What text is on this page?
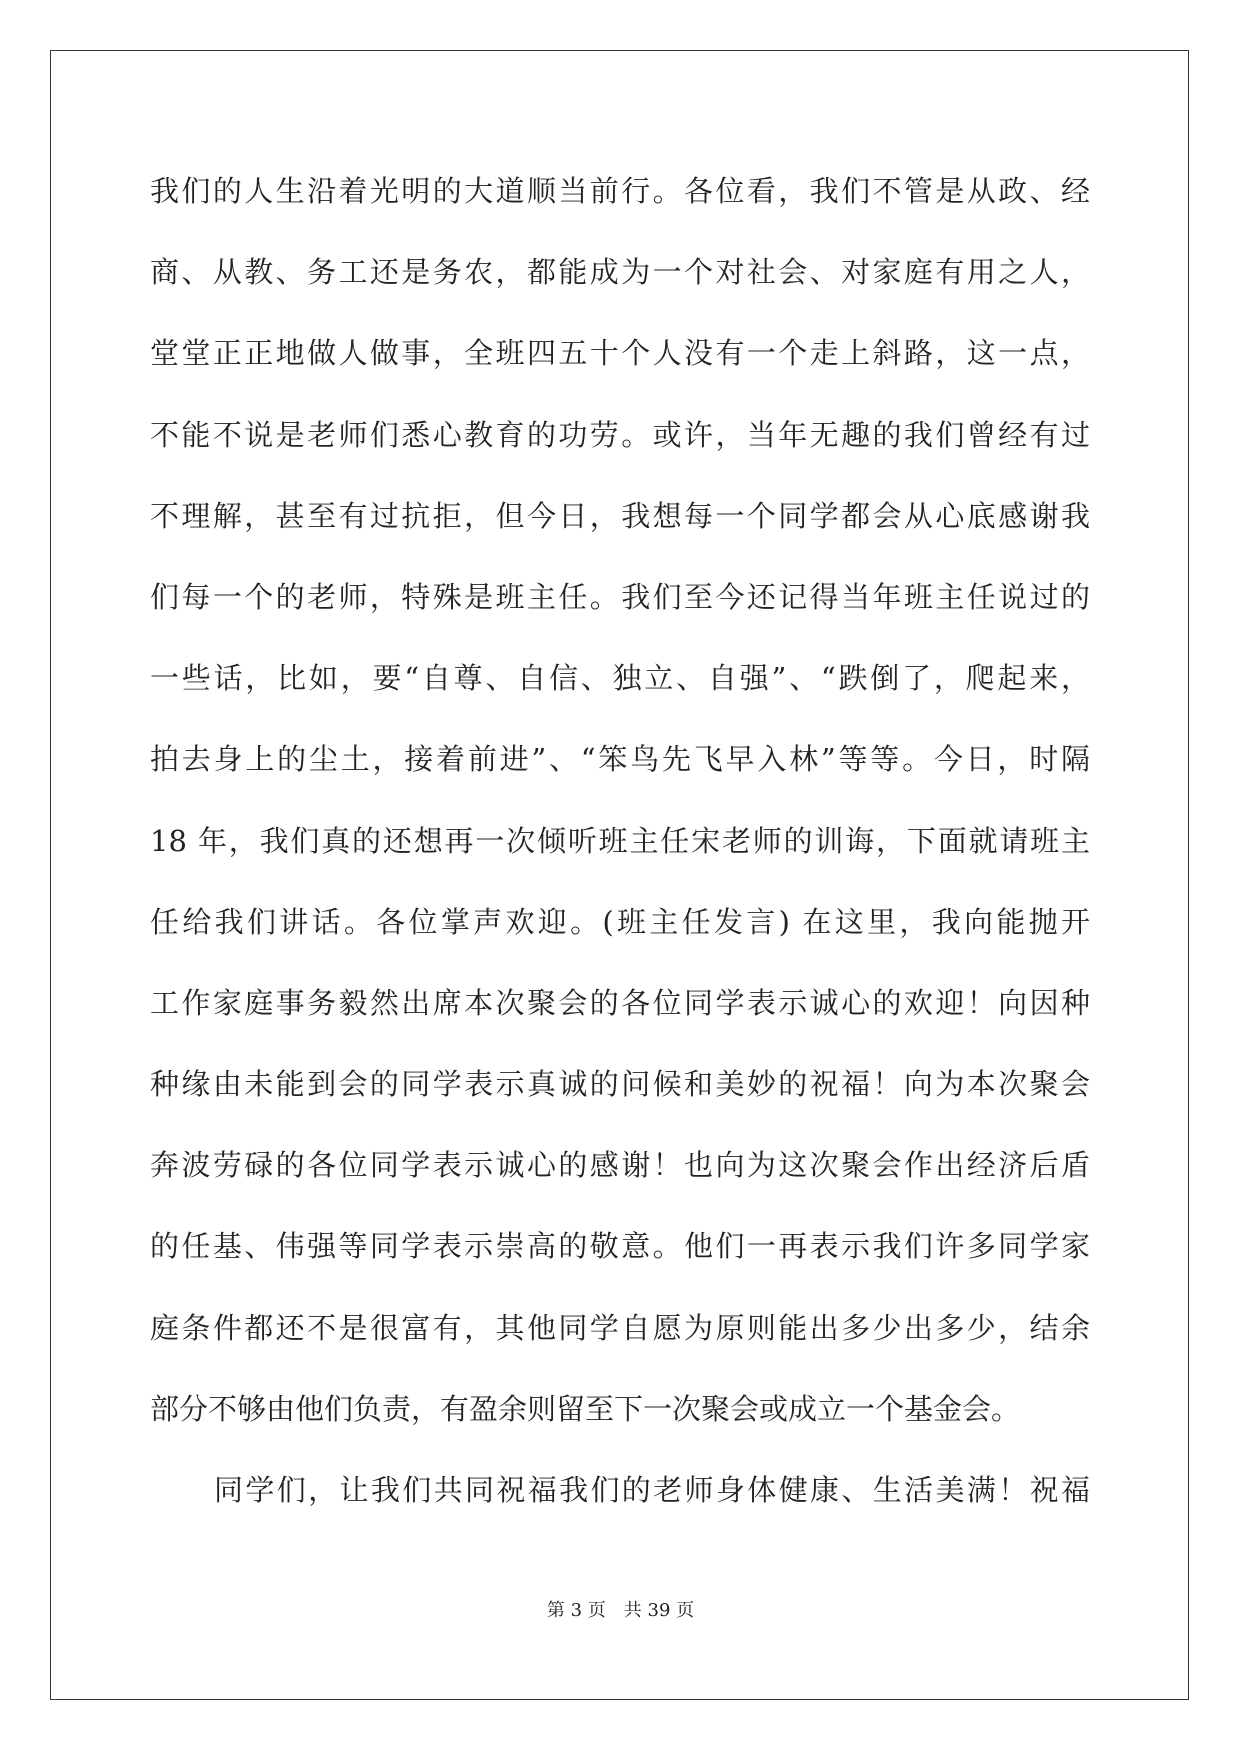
我们的人生沿着光明的大道顺当前行。各位看，我们不管是从政、经
商、从教、务工还是务农，都能成为一个对社会、对家庭有用之人，
堂堂正正地做人做事，全班四五十个人没有一个走上斜路，这一点，
不能不说是老师们悉心教育的功劳。或许，当年无趣的我们曾经有过
不理解，甚至有过抗拒，但今日，我想每一个同学都会从心底感谢我
们每一个的老师，特殊是班主任。我们至今还记得当年班主任说过的
一些话，比如，要“自尊、自信、独立、自强”、“跌倒了，爬起来，
拍去身上的尘土，接着前进”、“笨鸟先飞早入林”等等。今日，时隔
18 年，我们真的还想再一次倾听班主任宋老师的训诲，下面就请班主
任给我们讲话。各位掌声欢迎。(班主任发言) 在这里，我向能抛开
工作家庭事务毅然出席本次聚会的各位同学表示诚心的欢迎！向因种
种缘由未能到会的同学表示真诚的问候和美妙的祝福！向为本次聚会
奔波劳碌的各位同学表示诚心的感谢！也向为这次聚会作出经济后盾
的任基、伟强等同学表示崇高的敬意。他们一再表示我们许多同学家
庭条件都还不是很富有，其他同学自愿为原则能出多少出多少，结余
部分不够由他们负责，有盈余则留至下一次聚会或成立一个基金会。
同学们，让我们共同祝福我们的老师身体健康、生活美满！祝福
第 3 页 共 39 页
